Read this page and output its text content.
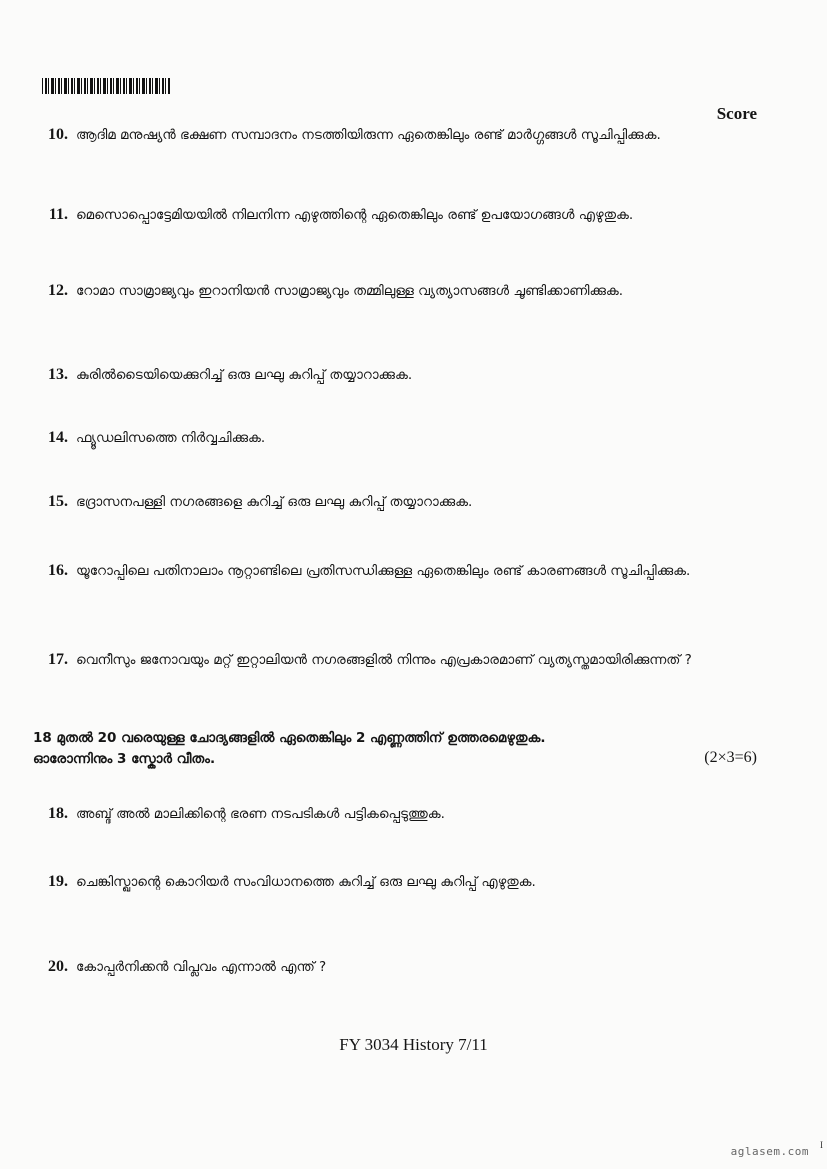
Score
10. ആദിമ മനുഷ്യൻ ഭക്ഷണ സമ്പാദനം നടത്തിയിരുന്ന ഏതെങ്കിലും രണ്ട് മാർഗ്ഗങ്ങൾ സൂചിപ്പിക്കുക.
11. മെസൊപ്പൊട്ടേമിയയിൽ നിലനിന്ന എഴുത്തിന്റെ ഏതെങ്കിലും രണ്ട് ഉപയോഗങ്ങൾ എഴുതുക.
12. റോമാ സാമ്രാജ്യവും ഇറാനിയൻ സാമ്രാജ്യവും തമ്മിലുള്ള വ്യത്യാസങ്ങൾ ചൂണ്ടിക്കാണിക്കുക.
13. കുരിൽടൈയിയെക്കുറിച്ച് ഒരു ലഘു കുറിപ്പ് തയ്യാറാക്കുക.
14. ഫ്യൂഡലിസത്തെ നിർവ്വചിക്കുക.
15. ഭദ്രാസനപള്ളി നഗരങ്ങളെ കുറിച്ച് ഒരു ലഘു കുറിപ്പ് തയ്യാറാക്കുക.
16. യൂറോപ്പിലെ പതിനാലാം നൂറ്റാണ്ടിലെ പ്രതിസന്ധിക്കുള്ള ഏതെങ്കിലും രണ്ട് കാരണങ്ങൾ സൂചിപ്പിക്കുക.
17. വെനീസും ജനോവയും മറ്റ് ഇറ്റാലിയൻ നഗരങ്ങളിൽ നിന്നും എപ്രകാരമാണ് വ്യത്യസ്തമായിരിക്കുന്നത് ?
18 മുതൽ 20 വരെയുള്ള ചോദ്യങ്ങളിൽ ഏതെങ്കിലും 2 എണ്ണത്തിന് ഉത്തരമെഴുതുക.
ഓരോന്നിനും 3 സ്കോർ വീതം.	(2×3=6)
18. അബ്ദ് അൽ മാലിക്കിന്റെ ഭരണ നടപടികൾ പട്ടികപ്പെടുത്തുക.
19. ചെങ്കിസ്ഖാന്റെ കൊറിയർ സംവിധാനത്തെ കുറിച്ച് ഒരു ലഘു കുറിപ്പ് എഴുതുക.
20. കോപ്പർനിക്കൻ വിപ്ലവം എന്നാൽ എന്ത് ?
FY 3034 History 7/11
aglasem.com I
